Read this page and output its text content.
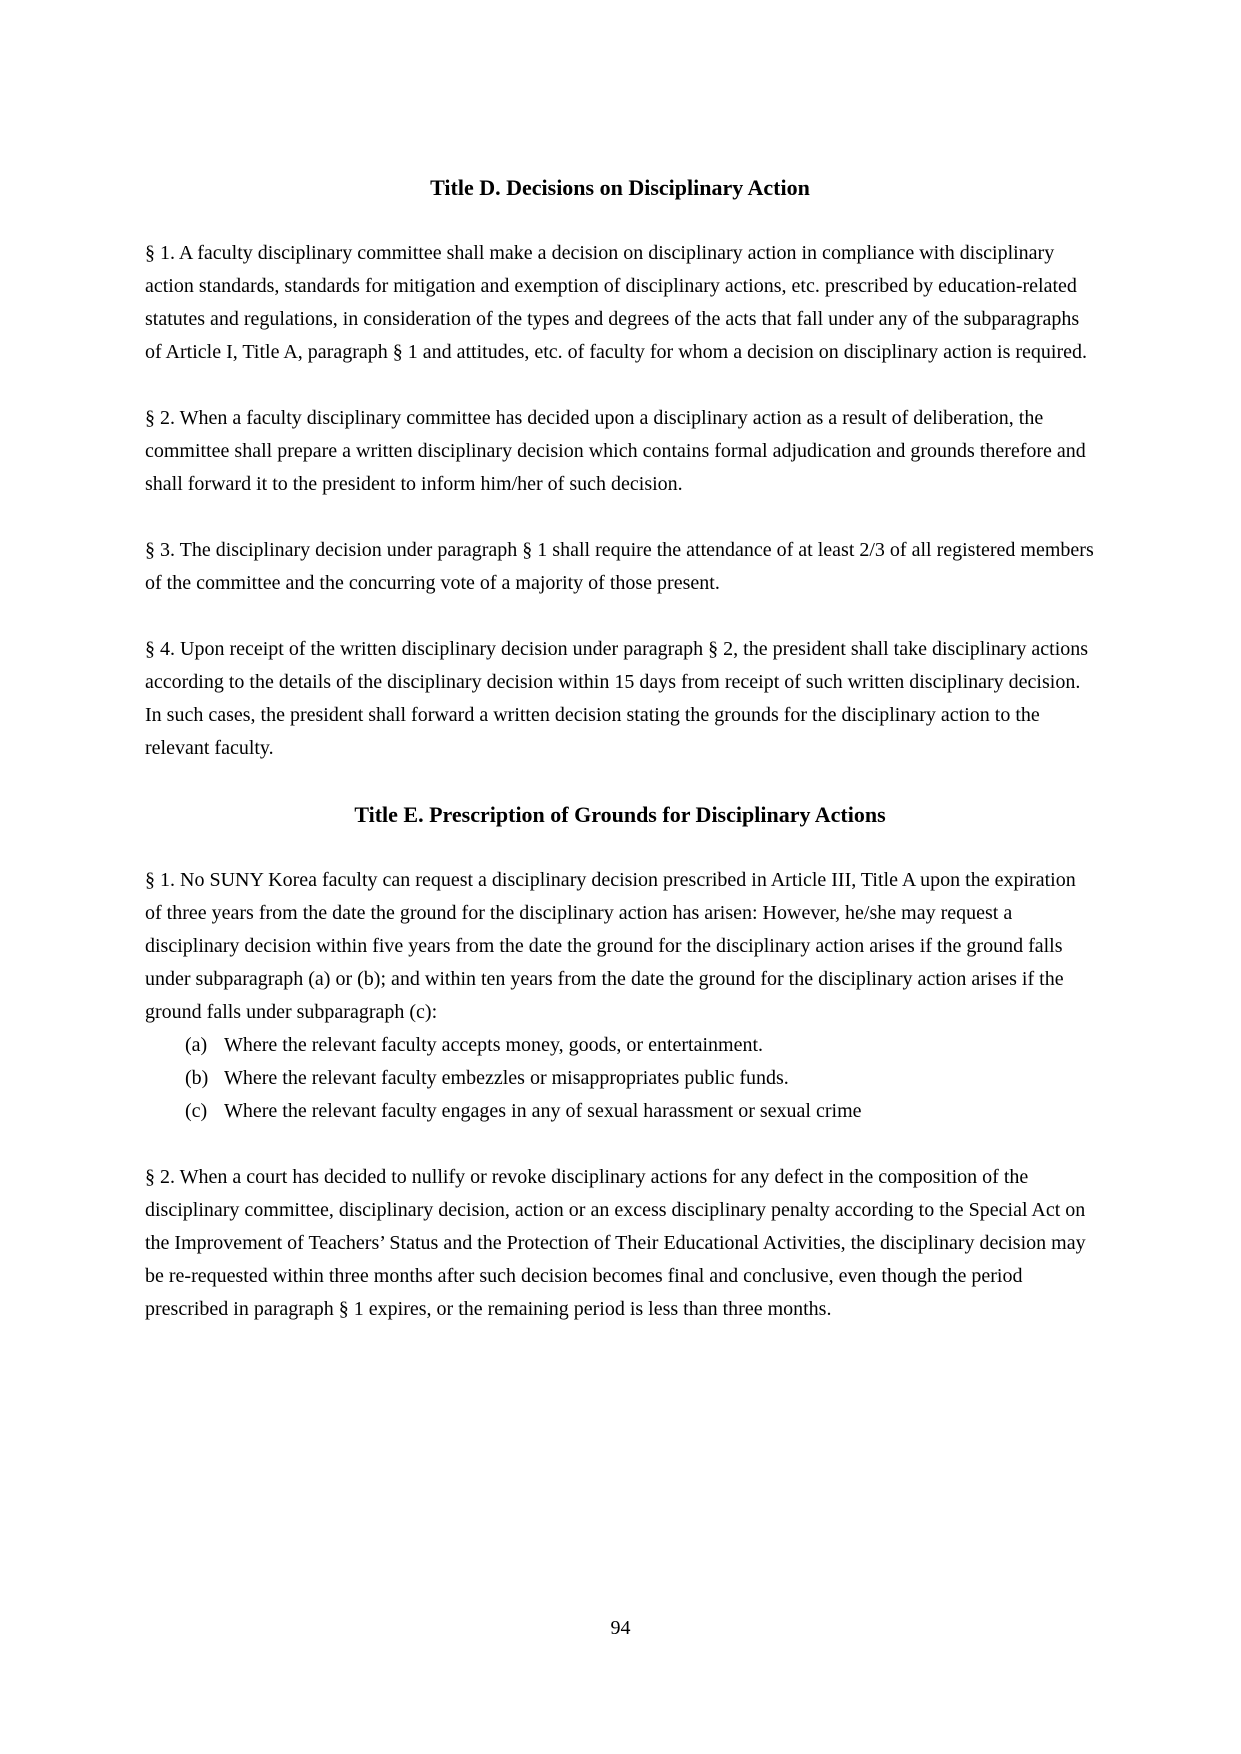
Title D. Decisions on Disciplinary Action

§ 1. A faculty disciplinary committee shall make a decision on disciplinary action in compliance with disciplinary action standards, standards for mitigation and exemption of disciplinary actions, etc. prescribed by education-related statutes and regulations, in consideration of the types and degrees of the acts that fall under any of the subparagraphs of Article I, Title A, paragraph § 1 and attitudes, etc. of faculty for whom a decision on disciplinary action is required.

§ 2. When a faculty disciplinary committee has decided upon a disciplinary action as a result of deliberation, the committee shall prepare a written disciplinary decision which contains formal adjudication and grounds therefore and shall forward it to the president to inform him/her of such decision.

§ 3. The disciplinary decision under paragraph § 1 shall require the attendance of at least 2/3 of all registered members of the committee and the concurring vote of a majority of those present.

§ 4. Upon receipt of the written disciplinary decision under paragraph § 2, the president shall take disciplinary actions according to the details of the disciplinary decision within 15 days from receipt of such written disciplinary decision. In such cases, the president shall forward a written decision stating the grounds for the disciplinary action to the relevant faculty.

Title E. Prescription of Grounds for Disciplinary Actions

§ 1. No SUNY Korea faculty can request a disciplinary decision prescribed in Article III, Title A upon the expiration of three years from the date the ground for the disciplinary action has arisen: However, he/she may request a disciplinary decision within five years from the date the ground for the disciplinary action arises if the ground falls under subparagraph (a) or (b); and within ten years from the date the ground for the disciplinary action arises if the ground falls under subparagraph (c):

(a) Where the relevant faculty accepts money, goods, or entertainment.
(b) Where the relevant faculty embezzles or misappropriates public funds.
(c) Where the relevant faculty engages in any of sexual harassment or sexual crime

§ 2. When a court has decided to nullify or revoke disciplinary actions for any defect in the composition of the disciplinary committee, disciplinary decision, action or an excess disciplinary penalty according to the Special Act on the Improvement of Teachers’ Status and the Protection of Their Educational Activities, the disciplinary decision may be re-requested within three months after such decision becomes final and conclusive, even though the period prescribed in paragraph § 1 expires, or the remaining period is less than three months.

94
